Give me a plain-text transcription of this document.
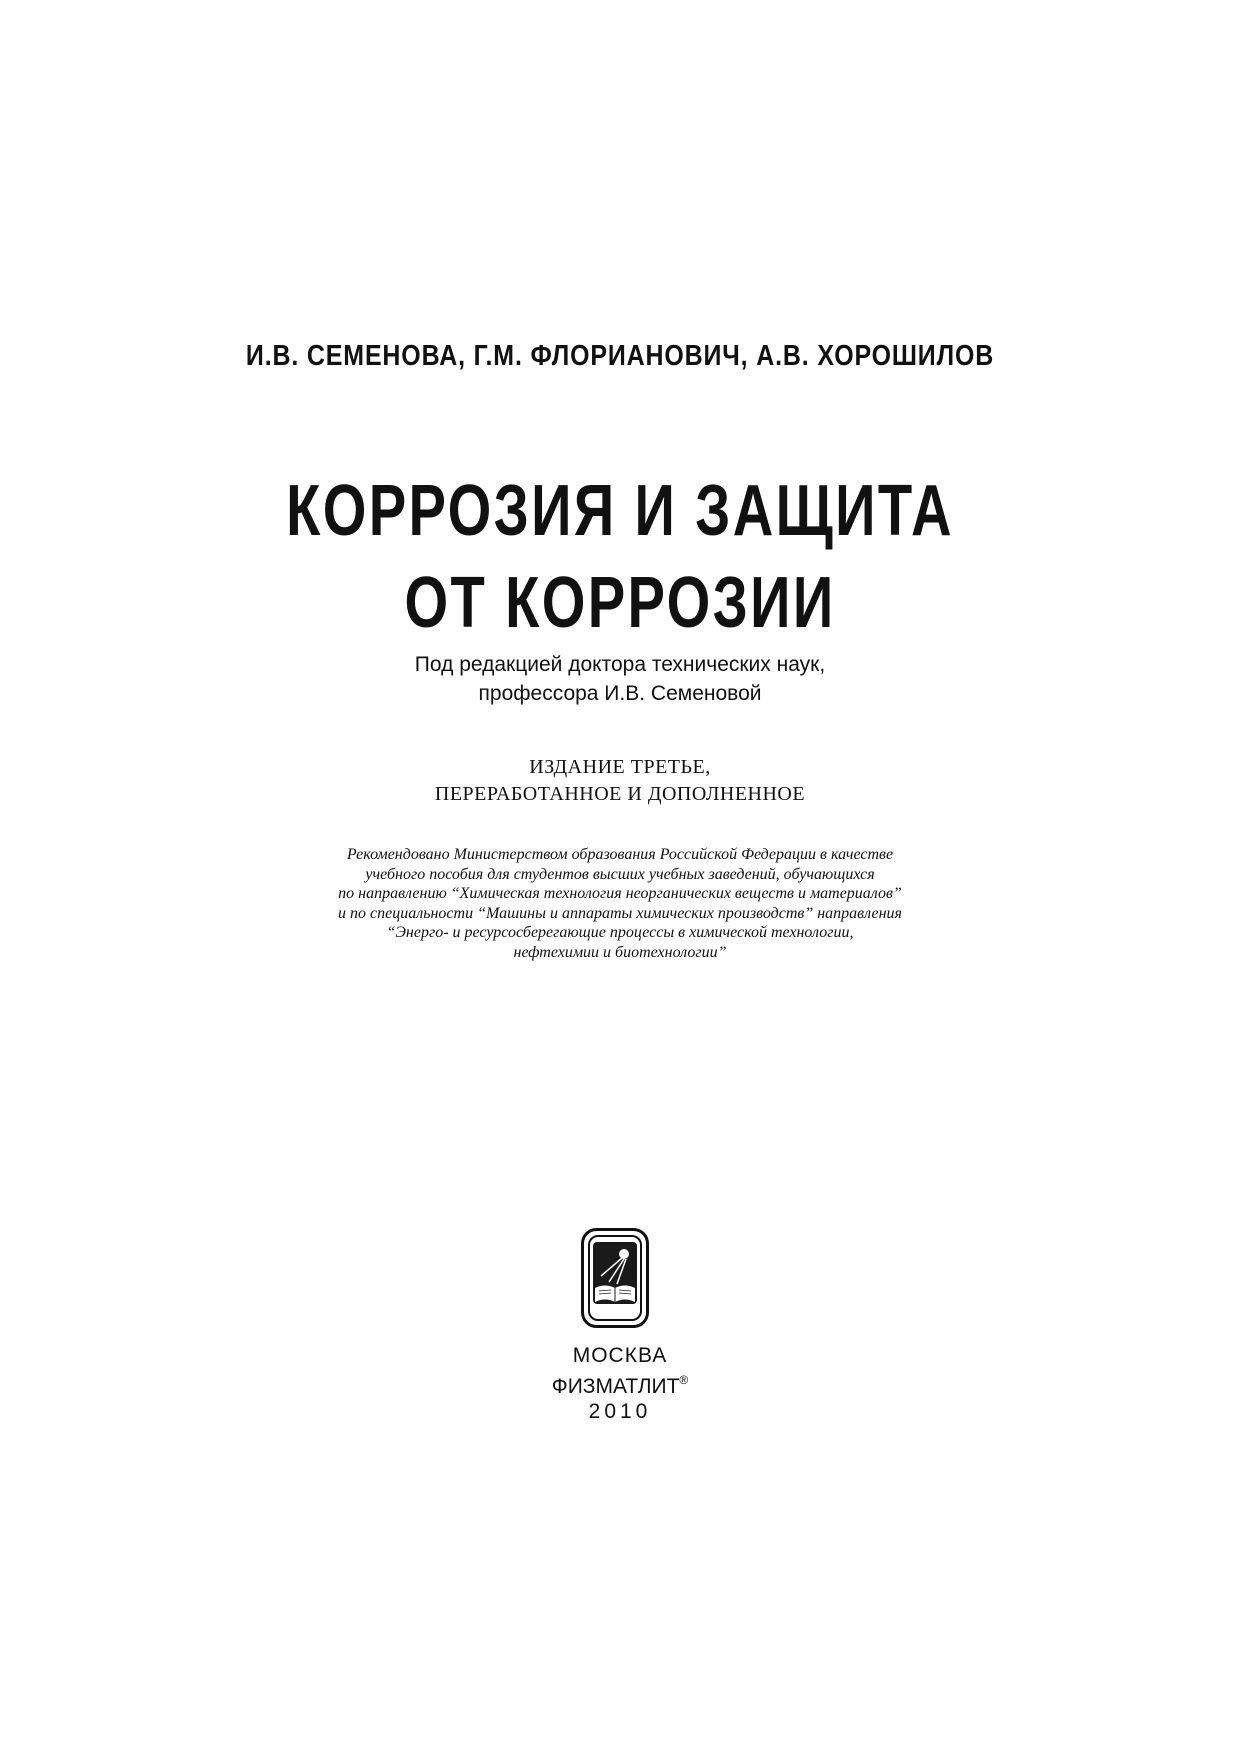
И.В. СЕМЕНОВА, Г.М. ФЛОРИАНОВИЧ, А.В. ХОРОШИЛОВ
КОРРОЗИЯ И ЗАЩИТА
ОТ КОРРОЗИИ
Под редакцией доктора технических наук,
профессора И.В. Семеновой
ИЗДАНИЕ ТРЕТЬЕ,
ПЕРЕРАБОТАННОЕ И ДОПОЛНЕННОЕ
Рекомендовано Министерством образования Российской Федерации в качестве
учебного пособия для студентов высших учебных заведений, обучающихся
по направлению “Химическая технология неорганических веществ и материалов”
и по специальности “Машины и аппараты химических производств” направления
“Энерго- и ресурсосберегающие процессы в химической технологии,
нефтехимии и биотехнологии”
МОСКВА
ФИЗМАТЛИТ®
2010
